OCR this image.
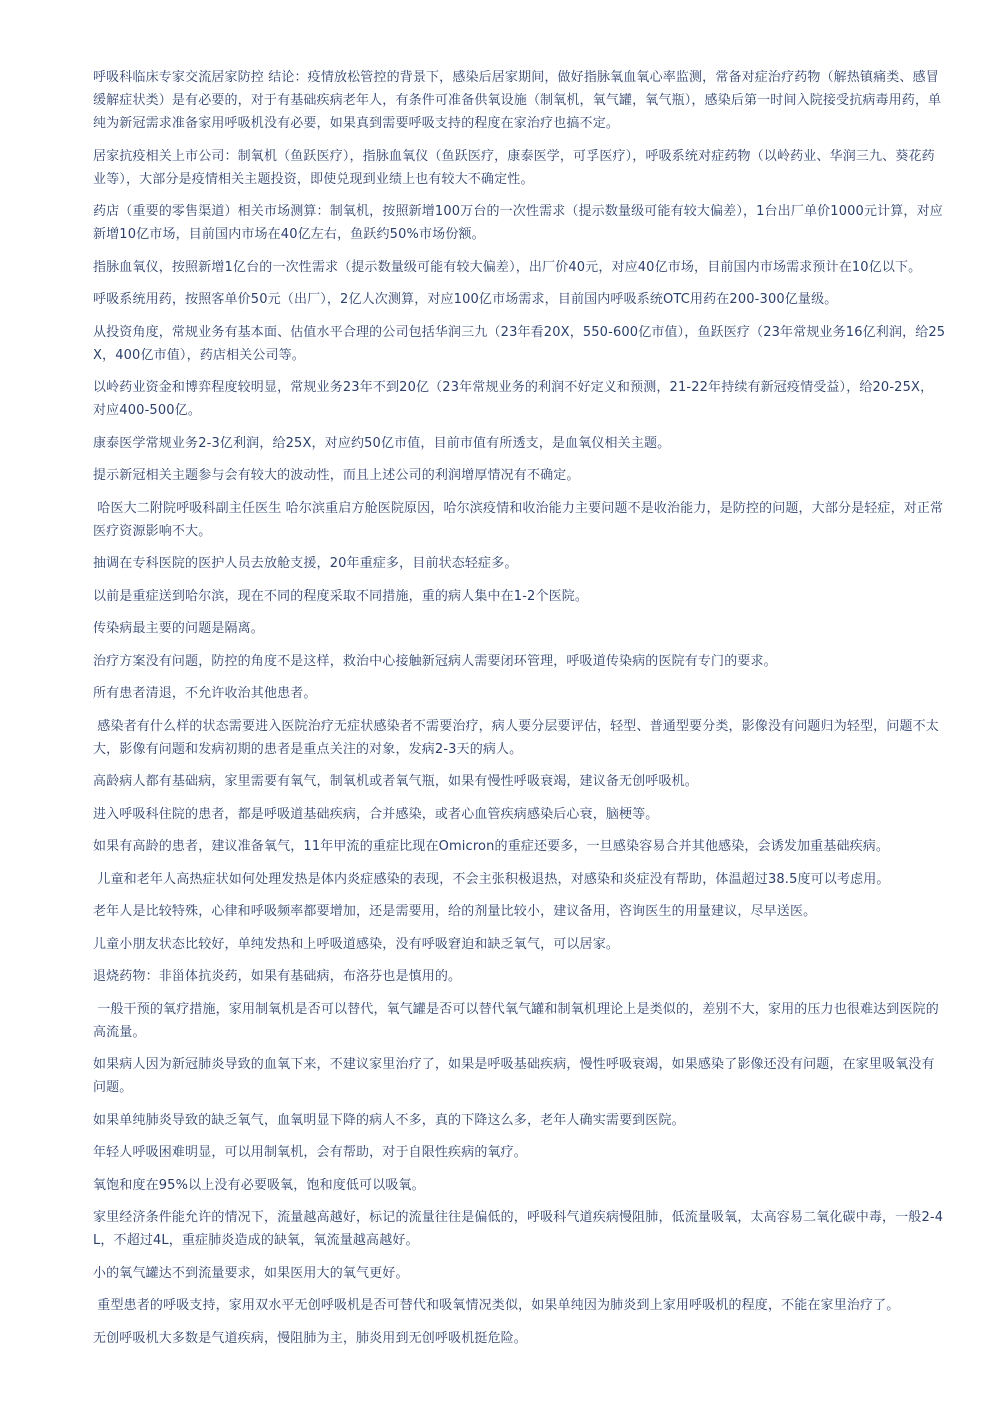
呼吸科临床专家交流居家防控 结论：疫情放松管控的背景下，感染后居家期间，做好指脉氧血氧心率监测，常备对症治疗药物（解热镇痛类、感冒缓解症状类）是有必要的，对于有基础疾病老年人，有条件可准备供氧设施（制氧机，氧气罐，氧气瓶），感染后第一时间入院接受抗病毒用药，单纯为新冠需求准备家用呼吸机没有必要，如果真到需要呼吸支持的程度在家治疗也搞不定。

居家抗疫相关上市公司：制氧机（鱼跃医疗），指脉血氧仪（鱼跃医疗，康泰医学，可孚医疗），呼吸系统对症药物（以岭药业、华润三九、葵花药业等），大部分是疫情相关主题投资，即使兑现到业绩上也有较大不确定性。

药店（重要的零售渠道）相关市场测算：制氧机，按照新增100万台的一次性需求（提示数量级可能有较大偏差），1台出厂单价1000元计算，对应新增10亿市场，目前国内市场在40亿左右，鱼跃约50%市场份额。

指脉血氧仪，按照新增1亿台的一次性需求（提示数量级可能有较大偏差），出厂价40元，对应40亿市场，目前国内市场需求预计在10亿以下。

呼吸系统用药，按照客单价50元（出厂），2亿人次测算，对应100亿市场需求，目前国内呼吸系统OTC用药在200-300亿量级。

从投资角度，常规业务有基本面、估值水平合理的公司包括华润三九（23年看20X，550-600亿市值），鱼跃医疗（23年常规业务16亿利润，给25X，400亿市值），药店相关公司等。

以岭药业资金和博弈程度较明显，常规业务23年不到20亿（23年常规业务的利润不好定义和预测，21-22年持续有新冠疫情受益），给20-25X，对应400-500亿。

康泰医学常规业务2-3亿利润，给25X，对应约50亿市值，目前市值有所透支，是血氧仪相关主题。

提示新冠相关主题参与会有较大的波动性，而且上述公司的利润增厚情况有不确定。

哈医大二附院呼吸科副主任医生 哈尔滨重启方舱医院原因，哈尔滨疫情和收治能力主要问题不是收治能力，是防控的问题，大部分是轻症，对正常医疗资源影响不大。

抽调在专科医院的医护人员去放舱支援，20年重症多，目前状态轻症多。

以前是重症送到哈尔滨，现在不同的程度采取不同措施，重的病人集中在1-2个医院。

传染病最主要的问题是隔离。

治疗方案没有问题，防控的角度不是这样，救治中心接触新冠病人需要闭环管理，呼吸道传染病的医院有专门的要求。

所有患者清退，不允许收治其他患者。

感染者有什么样的状态需要进入医院治疗无症状感染者不需要治疗，病人要分层要评估，轻型、普通型要分类，影像没有问题归为轻型，问题不太大，影像有问题和发病初期的患者是重点关注的对象，发病2-3天的病人。

高龄病人都有基础病，家里需要有氧气，制氧机或者氧气瓶，如果有慢性呼吸衰竭，建议备无创呼吸机。

进入呼吸科住院的患者，都是呼吸道基础疾病，合并感染，或者心血管疾病感染后心衰，脑梗等。

如果有高龄的患者，建议准备氧气，11年甲流的重症比现在Omicron的重症还要多，一旦感染容易合并其他感染，会诱发加重基础疾病。

儿童和老年人高热症状如何处理发热是体内炎症感染的表现，不会主张积极退热，对感染和炎症没有帮助，体温超过38.5度可以考虑用。

老年人是比较特殊，心律和呼吸频率都要增加，还是需要用，给的剂量比较小，建议备用，咨询医生的用量建议，尽早送医。

儿童小朋友状态比较好，单纯发热和上呼吸道感染，没有呼吸窘迫和缺乏氧气，可以居家。

退烧药物：非甾体抗炎药，如果有基础病，布洛芬也是慎用的。

一般干预的氧疗措施，家用制氧机是否可以替代，氧气罐是否可以替代氧气罐和制氧机理论上是类似的，差别不大，家用的压力也很难达到医院的高流量。

如果病人因为新冠肺炎导致的血氧下来，不建议家里治疗了，如果是呼吸基础疾病，慢性呼吸衰竭，如果感染了影像还没有问题，在家里吸氧没有问题。

如果单纯肺炎导致的缺乏氧气，血氧明显下降的病人不多，真的下降这么多，老年人确实需要到医院。

年轻人呼吸困难明显，可以用制氧机，会有帮助，对于自限性疾病的氧疗。

氧饱和度在95%以上没有必要吸氧，饱和度低可以吸氧。

家里经济条件能允许的情况下，流量越高越好，标记的流量往往是偏低的，呼吸科气道疾病慢阻肺，低流量吸氧，太高容易二氧化碳中毒，一般2-4L，不超过4L，重症肺炎造成的缺氧，氧流量越高越好。

小的氧气罐达不到流量要求，如果医用大的氧气更好。

重型患者的呼吸支持，家用双水平无创呼吸机是否可替代和吸氧情况类似，如果单纯因为肺炎到上家用呼吸机的程度，不能在家里治疗了。

无创呼吸机大多数是气道疾病，慢阻肺为主，肺炎用到无创呼吸机挺危险。
